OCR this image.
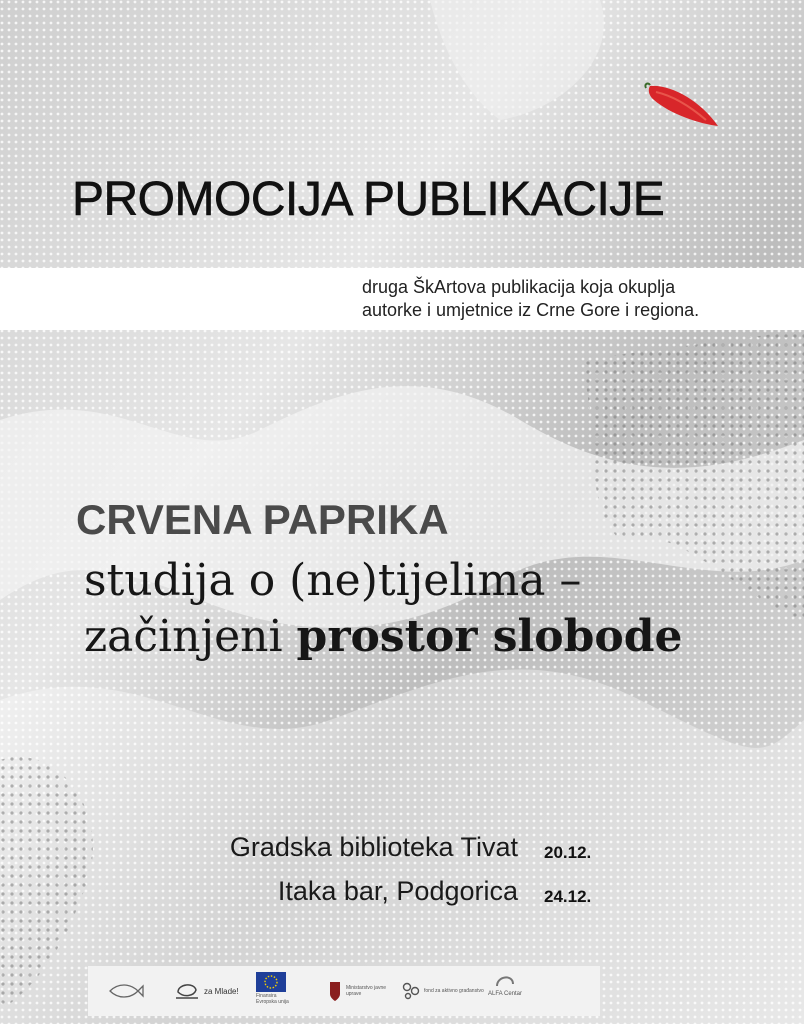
PROMOCIJA PUBLIKACIJE
druga ŠkArtova publikacija koja okuplja
autorke i umjetnice iz Crne Gore i regiona.
CRVENA PAPRIKA
studija o (ne)tijelima –
začinjeni prostor slobode
Gradska biblioteka Tivat 20.12.
Itaka bar, Podgorica 24.12.
za Mlade!
Finansira Evropska unija
Ministarstvo javne uprave	fond za aktivno građanstvo ALFA Centar
